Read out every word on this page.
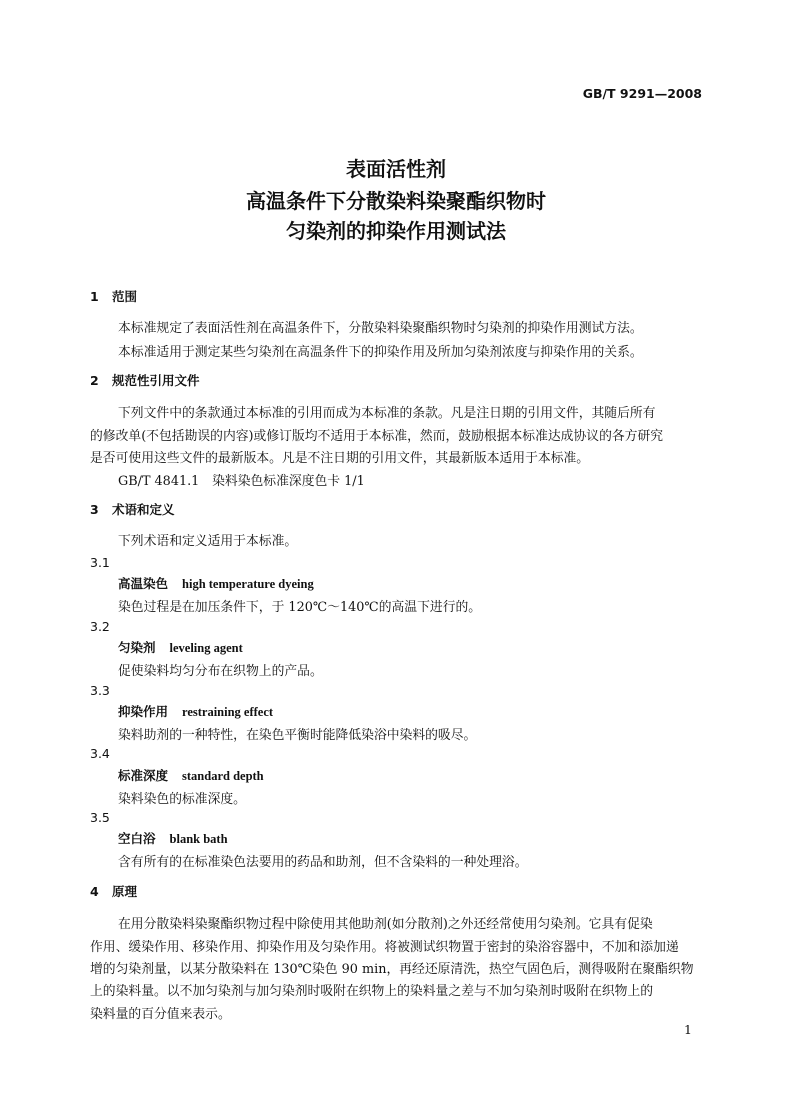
GB/T 9291—2008
表面活性剂
高温条件下分散染料染聚酯织物时
匀染剂的抑染作用测试法
1 范围
本标准规定了表面活性剂在高温条件下，分散染料染聚酯织物时匀染剂的抑染作用测试方法。
本标准适用于测定某些匀染剂在高温条件下的抑染作用及所加匀染剂浓度与抑染作用的关系。
2 规范性引用文件
下列文件中的条款通过本标准的引用而成为本标准的条款。凡是注日期的引用文件，其随后所有
的修改单(不包括勘误的内容)或修订版均不适用于本标准，然而，鼓励根据本标准达成协议的各方研究
是否可使用这些文件的最新版本。凡是不注日期的引用文件，其最新版本适用于本标准。
GB/T 4841.1　染料染色标准深度色卡 1/1
3 术语和定义
下列术语和定义适用于本标准。
3.1
高温染色 high temperature dyeing
染色过程是在加压条件下，于 120℃～140℃的高温下进行的。
3.2
匀染剂 leveling agent
促使染料均匀分布在织物上的产品。
3.3
抑染作用 restraining effect
染料助剂的一种特性，在染色平衡时能降低染浴中染料的吸尽。
3.4
标准深度 standard depth
染料染色的标准深度。
3.5
空白浴 blank bath
含有所有的在标准染色法要用的药品和助剂，但不含染料的一种处理浴。
4 原理
在用分散染料染聚酯织物过程中除使用其他助剂(如分散剂)之外还经常使用匀染剂。它具有促染
作用、缓染作用、移染作用、抑染作用及匀染作用。将被测试织物置于密封的染浴容器中，不加和添加递
增的匀染剂量，以某分散染料在 130℃染色 90 min，再经还原清洗，热空气固色后，测得吸附在聚酯织物
上的染料量。以不加匀染剂与加匀染剂时吸附在织物上的染料量之差与不加匀染剂时吸附在织物上的
染料量的百分值来表示。
1
